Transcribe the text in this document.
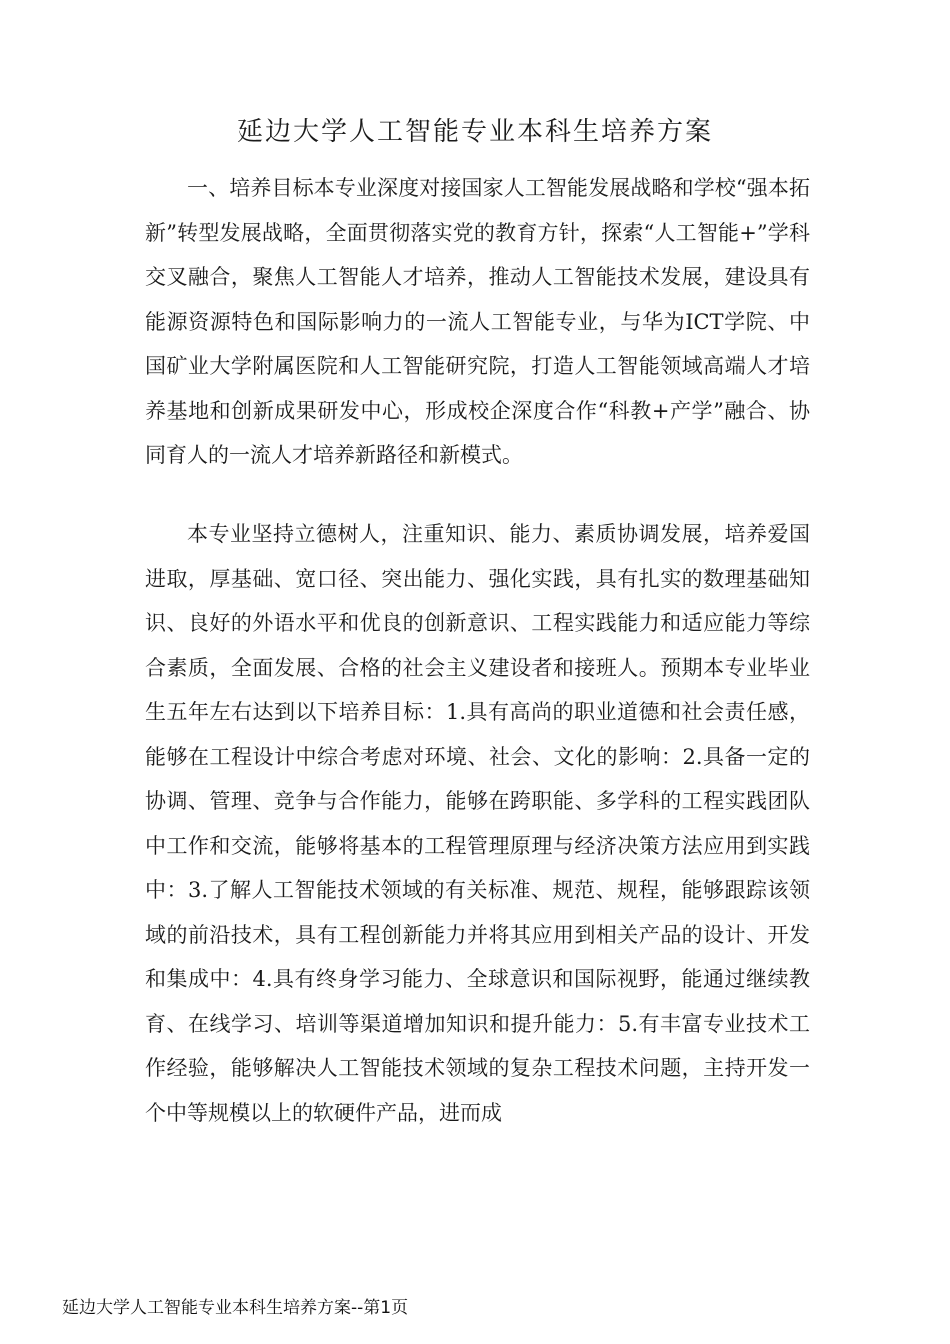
延边大学人工智能专业本科生培养方案

一、培养目标本专业深度对接国家人工智能发展战略和学校“强本拓新”转型发展战略，全面贯彻落实党的教育方针，探索“人工智能+”学科交叉融合，聚焦人工智能人才培养，推动人工智能技术发展，建设具有能源资源特色和国际影响力的一流人工智能专业，与华为ICT学院、中国矿业大学附属医院和人工智能研究院，打造人工智能领域高端人才培养基地和创新成果研发中心，形成校企深度合作“科教+产学”融合、协同育人的一流人才培养新路径和新模式。

本专业坚持立德树人，注重知识、能力、素质协调发展，培养爱国进取，厚基础、宽口径、突出能力、强化实践，具有扎实的数理基础知识、良好的外语水平和优良的创新意识、工程实践能力和适应能力等综合素质，全面发展、合格的社会主义建设者和接班人。预期本专业毕业生五年左右达到以下培养目标：1.具有高尚的职业道德和社会责任感，能够在工程设计中综合考虑对环境、社会、文化的影响：2.具备一定的协调、管理、竞争与合作能力，能够在跨职能、多学科的工程实践团队中工作和交流，能够将基本的工程管理原理与经济决策方法应用到实践中：3.了解人工智能技术领域的有关标准、规范、规程，能够跟踪该领域的前沿技术，具有工程创新能力并将其应用到相关产品的设计、开发和集成中：4.具有终身学习能力、全球意识和国际视野，能通过继续教育、在线学习、培训等渠道增加知识和提升能力：5.有丰富专业技术工作经验，能够解决人工智能技术领域的复杂工程技术问题，主持开发一个中等规模以上的软硬件产品，进而成

延边大学人工智能专业本科生培养方案--第1页
